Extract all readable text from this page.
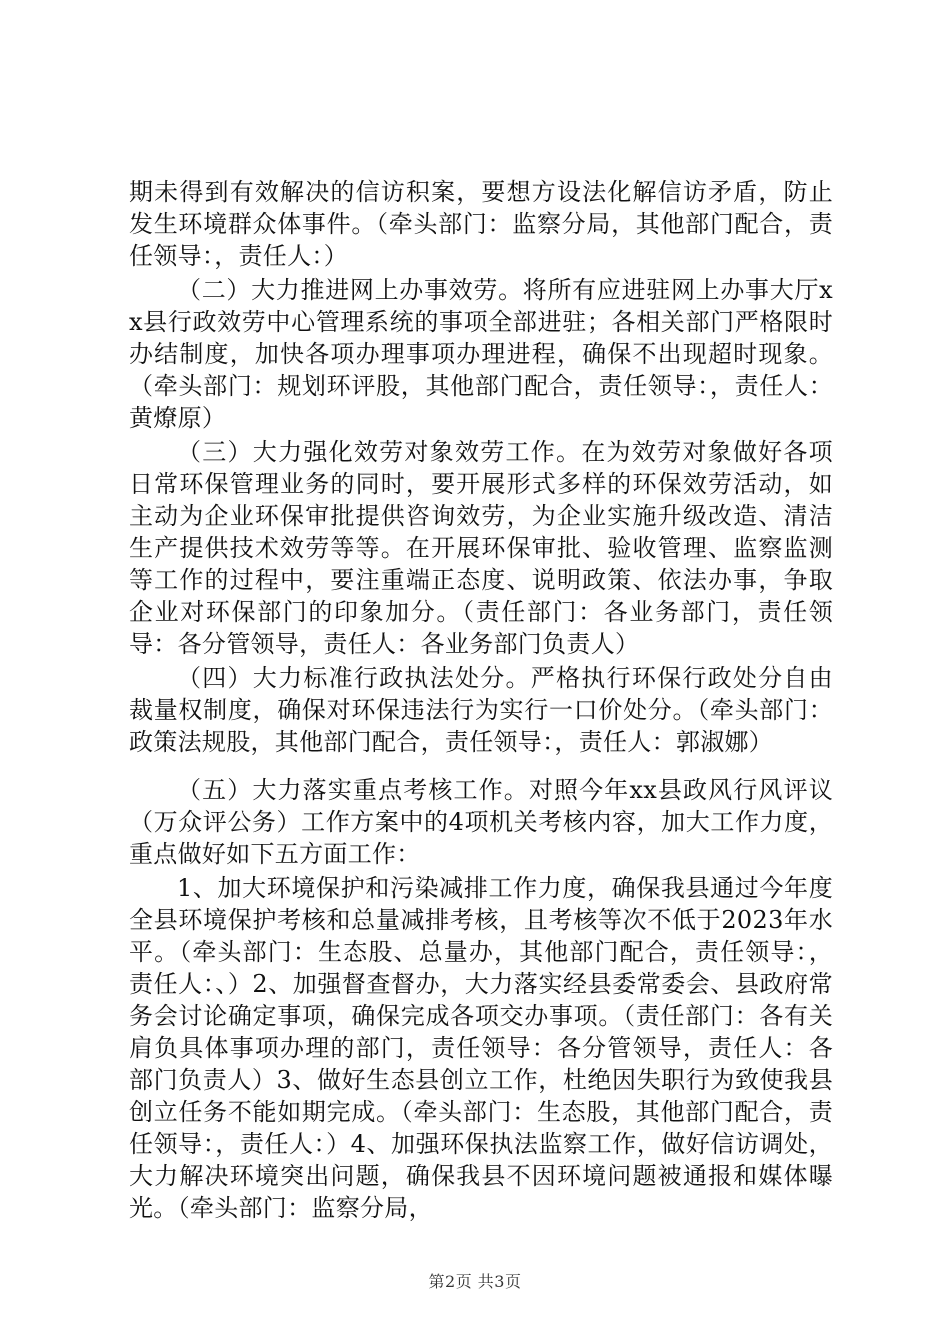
期未得到有效解决的信访积案，要想方设法化解信访矛盾，防止发生环境群众体事件。（牵头部门：监察分局，其他部门配合，责任领导：，责任人：）

（二）大力推进网上办事效劳。将所有应进驻网上办事大厅xx县行政效劳中心管理系统的事项全部进驻；各相关部门严格限时办结制度，加快各项办理事项办理进程，确保不出现超时现象。（牵头部门：规划环评股，其他部门配合，责任领导：，责任人：黄燎原）

（三）大力强化效劳对象效劳工作。在为效劳对象做好各项日常环保管理业务的同时，要开展形式多样的环保效劳活动，如主动为企业环保审批提供咨询效劳，为企业实施升级改造、清洁生产提供技术效劳等等。在开展环保审批、验收管理、监察监测等工作的过程中，要注重端正态度、说明政策、依法办事，争取企业对环保部门的印象加分。（责任部门：各业务部门，责任领导：各分管领导，责任人：各业务部门负责人）

（四）大力标准行政执法处分。严格执行环保行政处分自由裁量权制度，确保对环保违法行为实行一口价处分。（牵头部门：政策法规股，其他部门配合，责任领导：，责任人：郭淑娜）

（五）大力落实重点考核工作。对照今年xx县政风行风评议（万众评公务）工作方案中的4项机关考核内容，加大工作力度，重点做好如下五方面工作：

1、加大环境保护和污染减排工作力度，确保我县通过今年度全县环境保护考核和总量减排考核，且考核等次不低于2023年水平。（牵头部门：生态股、总量办，其他部门配合，责任领导：，责任人：、）2、加强督查督办，大力落实经县委常委会、县政府常务会讨论确定事项，确保完成各项交办事项。（责任部门：各有关肩负具体事项办理的部门，责任领导：各分管领导，责任人：各部门负责人）3、做好生态县创立工作，杜绝因失职行为致使我县创立任务不能如期完成。（牵头部门：生态股，其他部门配合，责任领导：，责任人：）4、加强环保执法监察工作，做好信访调处，大力解决环境突出问题，确保我县不因环境问题被通报和媒体曝光。（牵头部门：监察分局，

第2页 共3页
